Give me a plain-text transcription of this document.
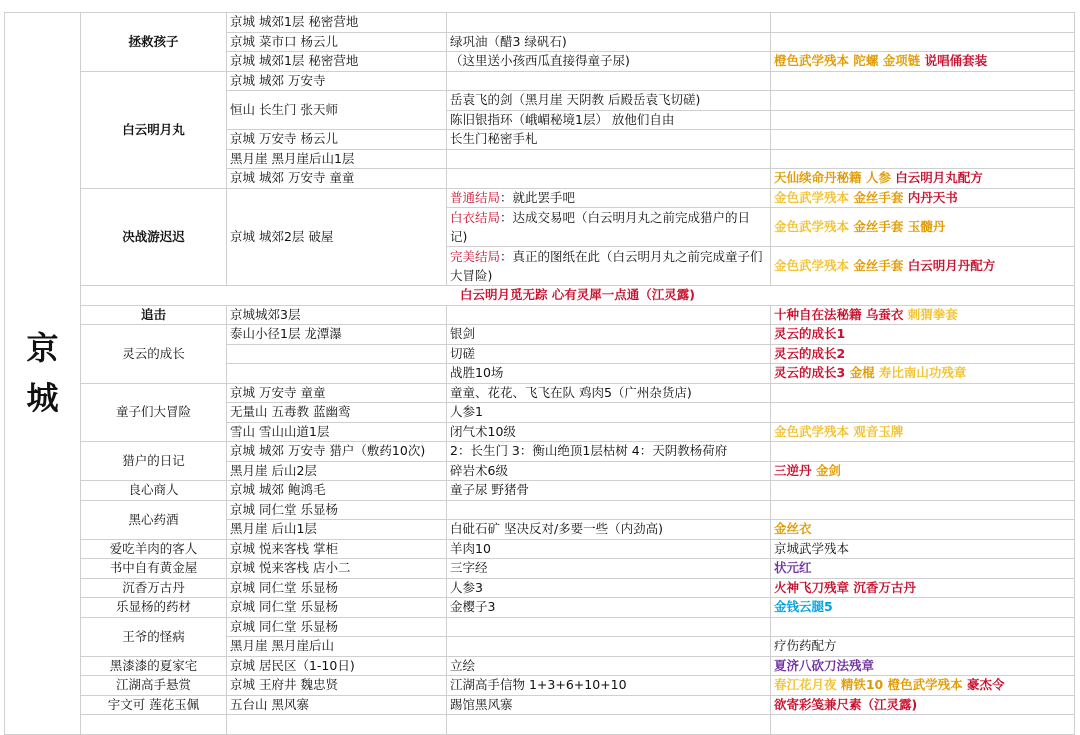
京
城	拯救孩子	京城 城郊1层 秘密营地		
		京城 菜市口 杨云儿	绿巩油（醋3 绿矾石)	
		京城 城郊1层 秘密营地	（这里送小孩西瓜直接得童子尿)	橙色武学残本 陀螺 金项链 说唱俑套装
	白云明月丸	京城 城郊 万安寺		
		恒山 长生门 张天师	岳袁飞的剑（黑月崖 天阴教 后殿岳袁飞切磋)	
			陈旧银指环（峨嵋秘境1层） 放他们自由	
		京城 万安寺 杨云儿	长生门秘密手札	
		黑月崖 黑月崖后山1层		
		京城 城郊 万安寺 童童		天仙续命丹秘籍 人参 白云明月丸配方
	决战游迟迟	京城 城郊2层 破屋	普通结局：就此罢手吧	金色武学残本 金丝手套 内丹天书
			白衣结局：达成交易吧（白云明月丸之前完成猎户的日记)	金色武学残本 金丝手套 玉髓丹
			完美结局：真正的图纸在此（白云明月丸之前完成童子们大冒险)	金色武学残本 金丝手套 白云明月丹配方
	白云明月觅无踪 心有灵犀一点通（江灵露)			
	追击	京城城郊3层		十种自在法秘籍 乌蚕衣 刺猬拳套
	灵云的成长	泰山小径1层 龙潭瀑	银剑	灵云的成长1
			切磋	灵云的成长2
			战胜10场	灵云的成长3 金棍 寿比南山功残章
	童子们大冒险	京城 万安寺 童童	童童、花花、飞飞在队 鸡肉5（广州杂货店)	
		无量山 五毒教 蓝幽鸾	人参1	
		雪山 雪山山道1层	闭气术10级	金色武学残本 观音玉牌
	猎户的日记	京城 城郊 万安寺 猎户（敷药10次)	2：长生门 3：衡山绝顶1层枯树 4：天阴教杨荷府	
		黑月崖 后山2层	碎岩术6级	三逆丹 金剑
	良心商人	京城 城郊 鲍鸿毛	童子尿 野猪骨	
	黑心药酒	京城 同仁堂 乐显杨		
		黑月崖 后山1层	白砒石矿 坚决反对/多要一些（内劲高)	金丝衣
	爱吃羊肉的客人	京城 悦来客栈 掌柜	羊肉10	京城武学残本
	书中自有黄金屋	京城 悦来客栈 店小二	三字经	状元红
	沉香万古丹	京城 同仁堂 乐显杨	人参3	火神飞刀残章 沉香万古丹
	乐显杨的药材	京城 同仁堂 乐显杨	金樱子3	金钱云腿5
	王爷的怪病	京城 同仁堂 乐显杨		
		黑月崖 黑月崖后山		疗伤药配方
	黑漆漆的夏家宅	京城 居民区（1-10日)	立绘	夏济八砍刀法残章
	江湖高手悬赏	京城 王府井 魏忠贤	江湖高手信物 1+3+6+10+10	春江花月夜 精铁10 橙色武学残本 豪杰令
	宇文可 莲花玉佩	五台山 黑风寨	踢馆黑风寨	欲寄彩笺兼尺素（江灵露)
